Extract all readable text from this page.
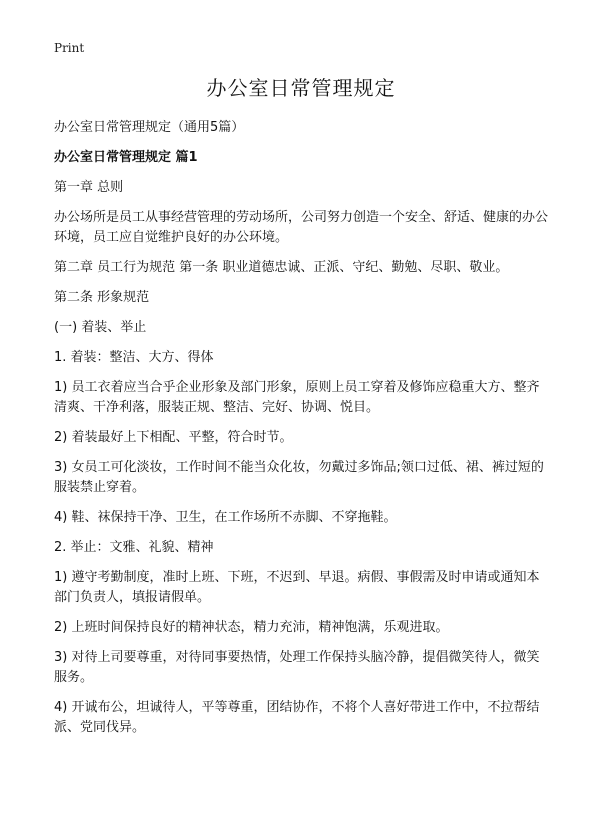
Print
办公室日常管理规定

办公室日常管理规定（通用5篇）

办公室日常管理规定 篇1

第一章 总则

办公场所是员工从事经营管理的劳动场所，公司努力创造一个安全、舒适、健康的办公环境，员工应自觉维护良好的办公环境。

第二章 员工行为规范 第一条 职业道德忠诚、正派、守纪、勤勉、尽职、敬业。

第二条 形象规范

(一) 着装、举止

1. 着装：整洁、大方、得体

1) 员工衣着应当合乎企业形象及部门形象，原则上员工穿着及修饰应稳重大方、整齐清爽、干净利落，服装正规、整洁、完好、协调、悦目。

2) 着装最好上下相配、平整，符合时节。

3) 女员工可化淡妆，工作时间不能当众化妆，勿戴过多饰品;领口过低、裙、裤过短的服装禁止穿着。

4) 鞋、袜保持干净、卫生，在工作场所不赤脚、不穿拖鞋。

2. 举止：文雅、礼貌、精神

1) 遵守考勤制度，准时上班、下班，不迟到、早退。病假、事假需及时申请或通知本部门负责人，填报请假单。

2) 上班时间保持良好的精神状态，精力充沛，精神饱满，乐观进取。

3) 对待上司要尊重，对待同事要热情，处理工作保持头脑冷静，提倡微笑待人，微笑服务。

4) 开诚布公，坦诚待人，平等尊重，团结协作，不将个人喜好带进工作中，不拉帮结派、党同伐异。
